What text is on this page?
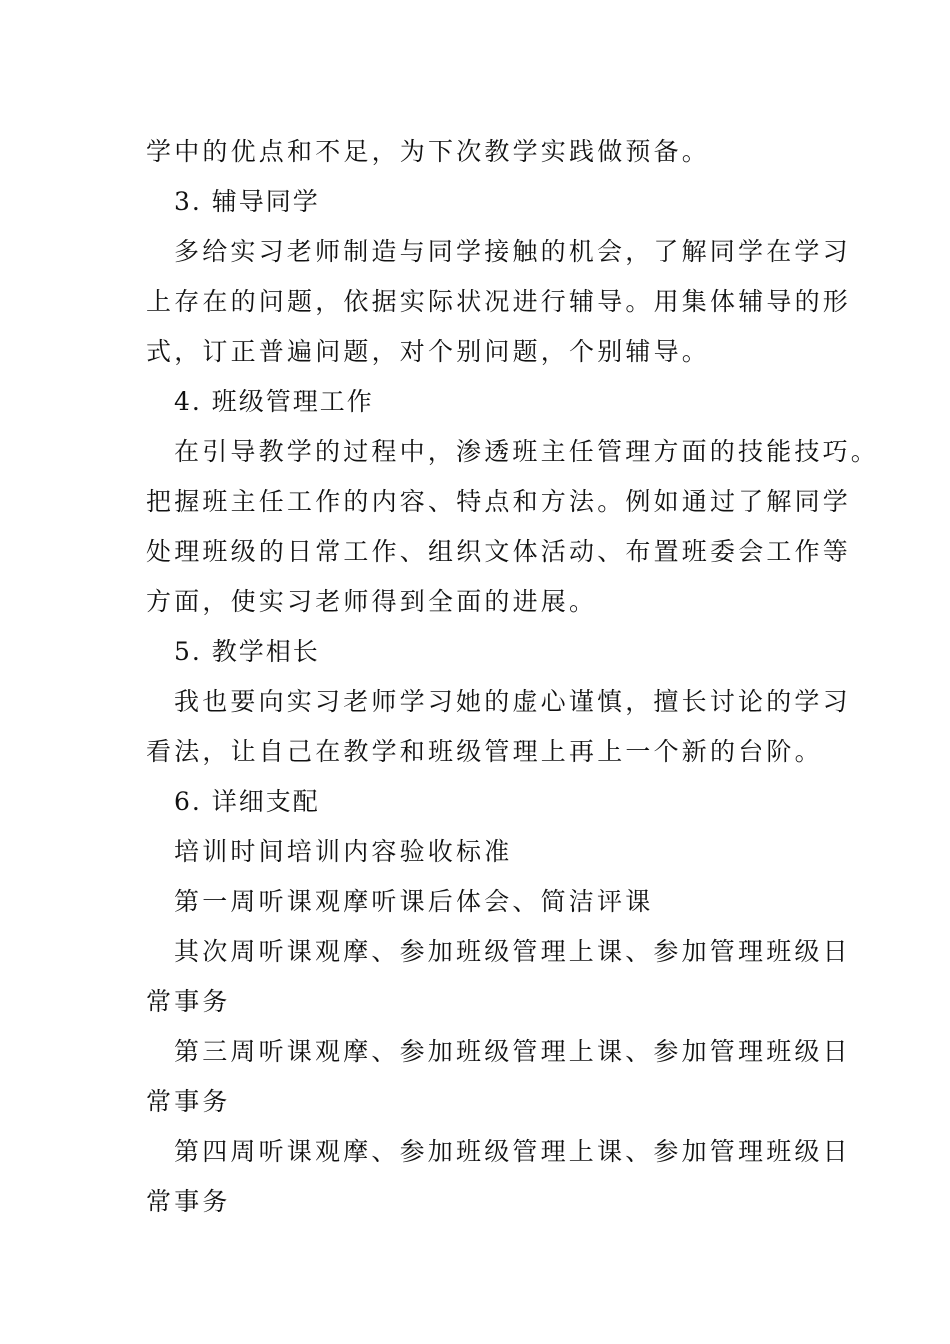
学中的优点和不足，为下次教学实践做预备。
3. 辅导同学
多给实习老师制造与同学接触的机会，了解同学在学习
上存在的问题，依据实际状况进行辅导。用集体辅导的形
式，订正普遍问题，对个别问题，个别辅导。
4. 班级管理工作
在引导教学的过程中，渗透班主任管理方面的技能技巧。
把握班主任工作的内容、特点和方法。例如通过了解同学
处理班级的日常工作、组织文体活动、布置班委会工作等
方面，使实习老师得到全面的进展。
5. 教学相长
我也要向实习老师学习她的虚心谨慎，擅长讨论的学习
看法，让自己在教学和班级管理上再上一个新的台阶。
6. 详细支配
培训时间培训内容验收标准
第一周听课观摩听课后体会、简洁评课
其次周听课观摩、参加班级管理上课、参加管理班级日
常事务
第三周听课观摩、参加班级管理上课、参加管理班级日
常事务
第四周听课观摩、参加班级管理上课、参加管理班级日
常事务
